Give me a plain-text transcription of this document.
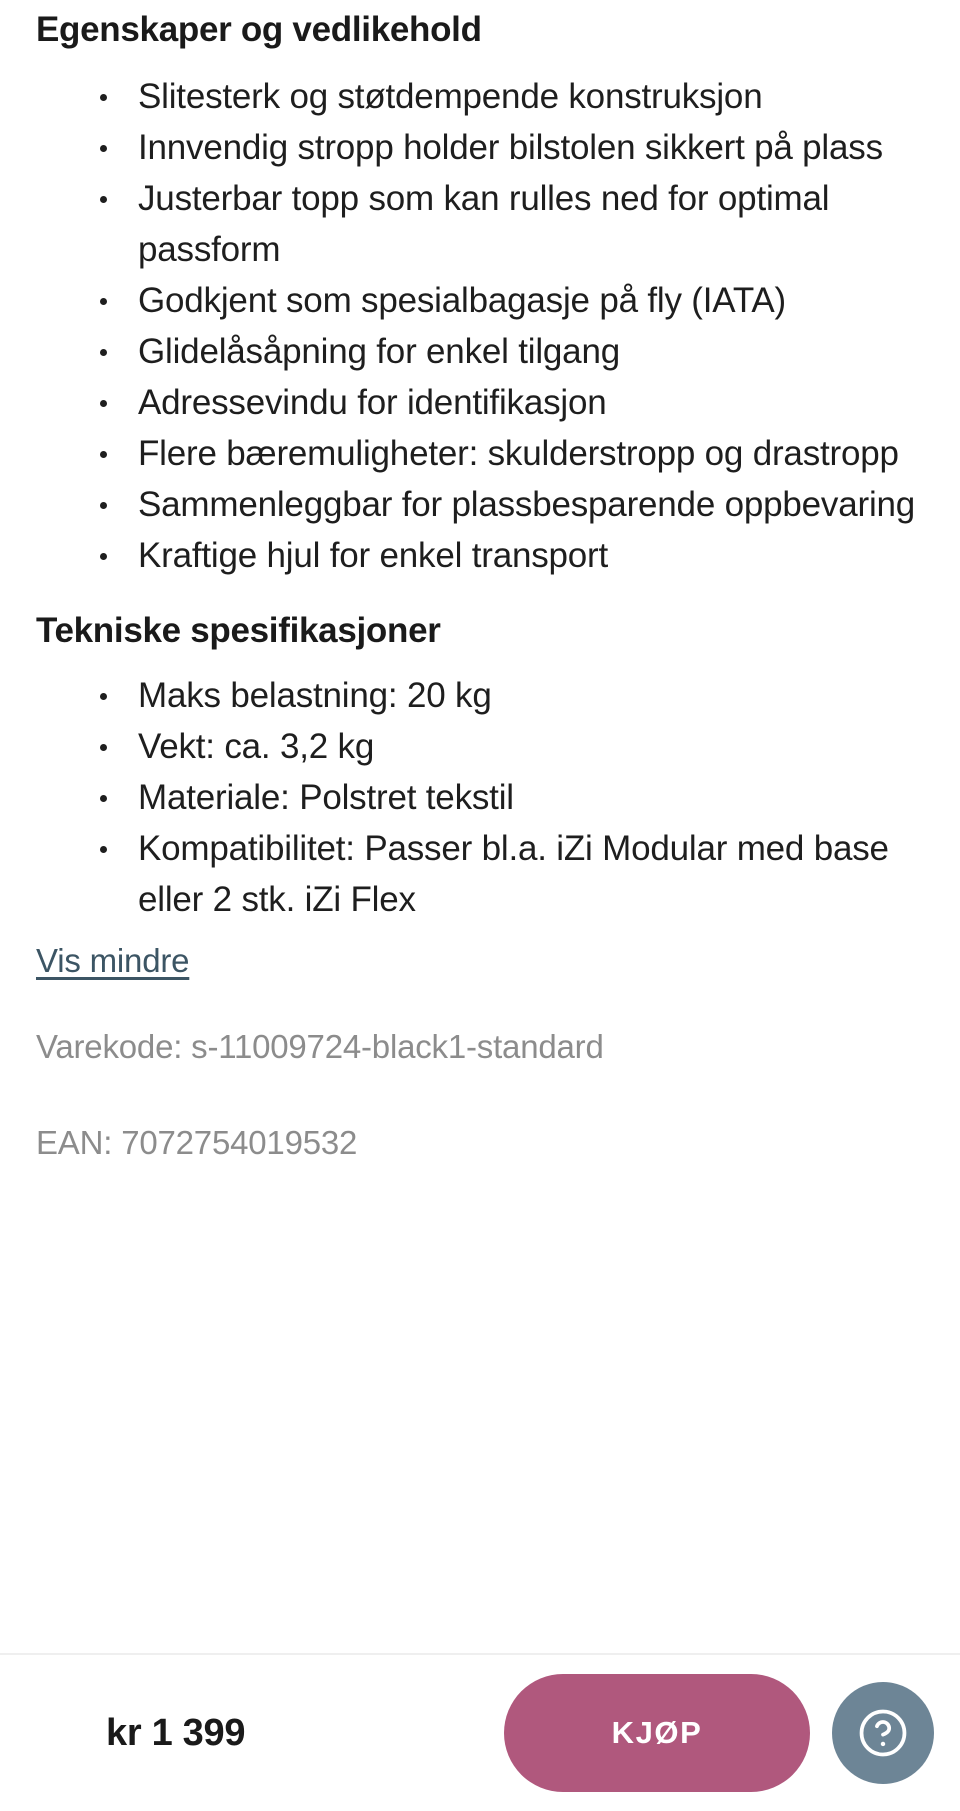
Egenskaper og vedlikehold
Slitesterk og støtdempende konstruksjon
Innvendig stropp holder bilstolen sikkert på plass
Justerbar topp som kan rulles ned for optimal passform
Godkjent som spesialbagasje på fly (IATA)
Glidelåsåpning for enkel tilgang
Adressevindu for identifikasjon
Flere bæremuligheter: skulderstropp og drastropp
Sammenleggbar for plassbesparende oppbevaring
Kraftige hjul for enkel transport
Tekniske spesifikasjoner
Maks belastning: 20 kg
Vekt: ca. 3,2 kg
Materiale: Polstret tekstil
Kompatibilitet: Passer bl.a. iZi Modular med base eller 2 stk. iZi Flex
Vis mindre
Varekode: s-11009724-black1-standard
EAN: 7072754019532
kr 1 399	KJØP
